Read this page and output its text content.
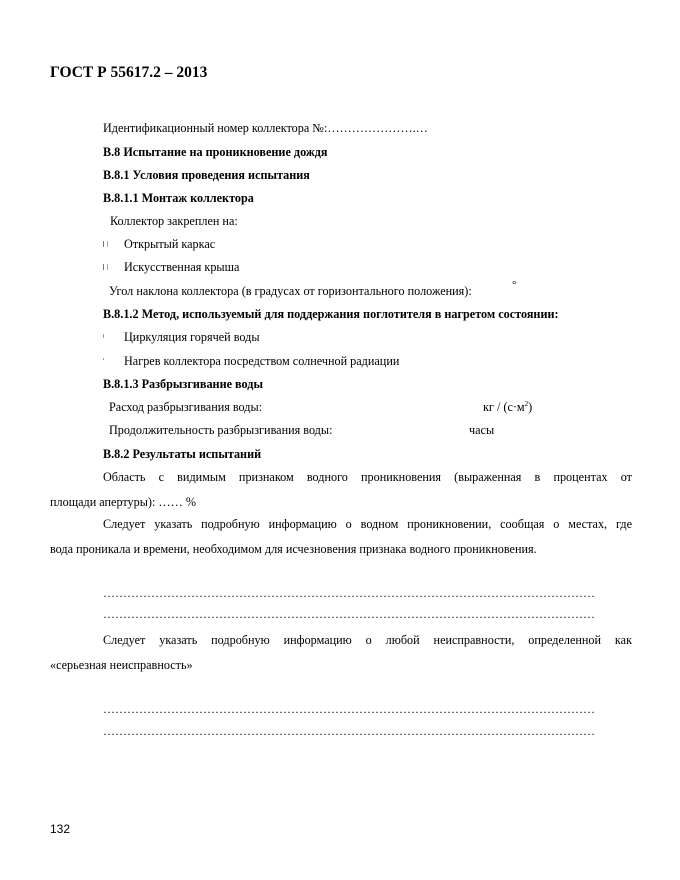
ГОСТ Р 55617.2 – 2013
Идентификационный номер коллектора №:………………….…
В.8 Испытание на проникновение дождя
В.8.1 Условия проведения испытания
В.8.1.1 Монтаж коллектора
Коллектор закреплен на:
Открытый каркас
Искусственная крыша
Угол наклона коллектора (в градусах от горизонтального положения):	°
В.8.1.2 Метод, используемый для поддержания поглотителя в нагретом состоянии:
Циркуляция горячей воды
Нагрев коллектора посредством солнечной радиации
В.8.1.3 Разбрызгивание воды
Расход разбрызгивания воды:	кг / $(с\cdot м^2)$
Продолжительность разбрызгивания воды:	часы
В.8.2 Результаты испытаний
Область с видимым признаком водного проникновения (выраженная в процентах от
площади апертуры): …… %
Следует указать подробную информацию о водном проникновении, сообщая о местах, где
вода проникала и времени, необходимом для исчезновения признака водного проникновения.
……………………………………………………………………………………………………………
……………………………………………………………………………………………………………
Следует указать подробную информацию о любой неисправности, определенной как
«серьезная неисправность»
……………………………………………………………………………………………………………
……………………………………………………………………………………………………………
132
